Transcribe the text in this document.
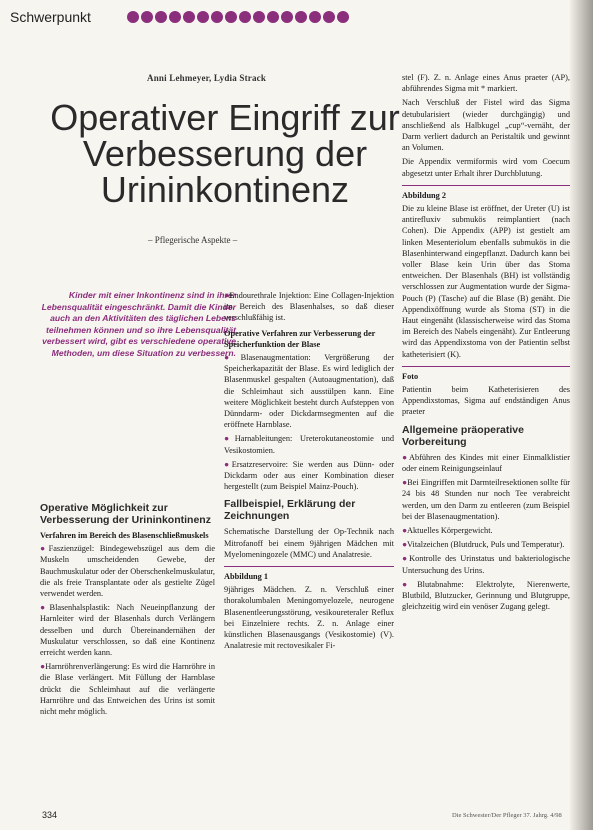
Schwerpunkt
Anni Lehmeyer, Lydia Strack
Operativer Eingriff zur Verbesserung der Urininkontinenz
– Pflegerische Aspekte –
Kinder mit einer Inkontinenz sind in ihrer Lebensqualität eingeschränkt. Damit die Kinder auch an den Aktivitäten des täglichen Lebens teilnehmen können und so ihre Lebensqualität verbessert wird, gibt es verschiedene operative Methoden, um diese Situation zu verbessern.
Operative Möglichkeit zur Verbesserung der Urininkontinenz
Verfahren im Bereich des Blasenschließmuskels

● Faszienzügel: Bindegewebszügel aus dem die Muskeln umscheidenden Gewebe, der Bauchmuskulatur oder der Oberschenkelmuskulatur, die als freie Transplantate oder als gestielte Zügel verwendet werden.

● Blasenhalsplastik: Nach Neueinpflanzung der Harnleiter wird der Blasenhals durch Verlängern desselben und durch Übereinandernähen der Muskulatur verschlossen, so daß eine Kontinenz erreicht werden kann.

● Harnröhrenverlängerung: Es wird die Harnröhre in die Blase verlängert. Mit Füllung der Harnblase drückt die Schleimhaut auf die verlängerte Harnröhre und das Entweichen des Urins ist somit nicht mehr möglich.

● Endourethrale Injektion: Eine Collagen-Injektion im Bereich des Blasenhalses, so daß dieser verschlußfähig ist.

Operative Verfahren zur Verbesserung der Speicherfunktion der Blase

● Blasenaugmentation: Vergrößerung der Speicherkapazität der Blase. Es wird lediglich der Blasenmuskel gespalten (Autoaugmentation), daß die Schleimhaut sich ausstülpen kann. Eine weitere Möglichkeit besteht durch Aufsteppen von Dünndarm- oder Dickdarmsegmenten auf die eröffnete Harnblase.

● Harnableitungen: Ureterokutaneostomie und Vesikostomien.

● Ersatzreservoire: Sie werden aus Dünn- oder Dickdarm oder aus einer Kombination dieser hergestellt (zum Beispiel Mainz-Pouch).

Fallbeispiel, Erklärung der Zeichnungen

Schematische Darstellung der Op-Technik nach Mitrofanoff bei einem 9jährigen Mädchen mit Myelomeningozele (MMC) und Analatresie.

Abbildung 1

9jähriges Mädchen. Z. n. Verschluß einer thorakolumbalen Meningomyelozele, neurogene Blasenentleerungsstörung, vesikoureteraler Reflux bei Einzelniere rechts. Z. n. Anlage einer künstlichen Blasenausgangs (Vesikostomie) (V). Analatresie mit rectovesikaler Fi-

stel (F). Z. n. Anlage eines Anus praeter (AP), abführendes Sigma mit * markiert.

Nach Verschluß der Fistel wird das Sigma detubularisiert (wieder durchgängig) und anschließend als Halbkugel „cup“-vernäht, der Darm verliert dadurch an Peristaltik und gewinnt an Volumen.

Die Appendix vermiformis wird vom Coecum abgesetzt unter Erhalt ihrer Durchblutung.

Abbildung 2

Die zu kleine Blase ist eröffnet, der Ureter (U) ist antirefluxiv submukös reimplantiert (nach Cohen). Die Appendix (APP) ist gestielt am linken Mesenteriolum ebenfalls submukös in die Blasenhinterwand eingepflanzt. Dadurch kann bei voller Blase kein Urin über das Stoma entweichen. Der Blasenhals (BH) ist vollständig verschlossen zur Augmentation wurde der Sigma-Pouch (P) (Tasche) auf die Blase (B) genäht. Die Appendixöffnung wurde als Stoma (ST) in die Haut eingenäht (klassischerweise wird das Stoma im Bereich des Nabels eingenäht). Zur Entleerung wird das Appendixstoma von der Patientin selbst katheterisiert (K).

Foto

Patientin beim Katheterisieren des Appendixstomas, Sigma auf endständigen Anus praeter

Allgemeine präoperative Vorbereitung

● Abführen des Kindes mit einer Einmalklistier oder einem Reinigungseinlauf

● Bei Eingriffen mit Darmteilresektionen sollte für 24 bis 48 Stunden nur noch Tee verabreicht werden, um den Darm zu entleeren (zum Beispiel bei der Blasenaugmentation).

● Aktuelles Körpergewicht.

● Vitalzeichen (Blutdruck, Puls und Temperatur).

● Kontrolle des Urinstatus und bakteriologische Untersuchung des Urins.

● Blutabnahme: Elektrolyte, Nierenwerte, Blutbild, Blutzucker, Gerinnung und Blutgruppe, gleichzeitig wird ein venöser Zugang gelegt.

334	Die Schwester/Der Pfleger 37. Jahrg. 4/98
